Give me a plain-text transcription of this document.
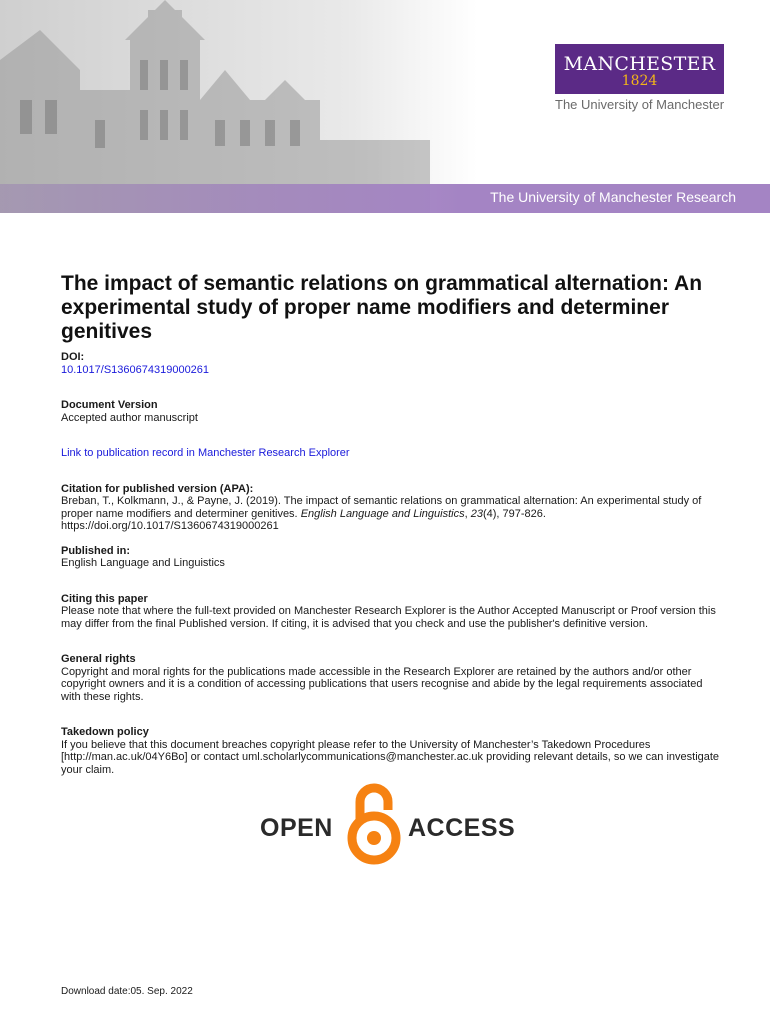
MANCHESTER
1824
The University of Manchester
The University of Manchester Research
The impact of semantic relations on grammatical alternation: An experimental study of proper name modifiers and determiner genitives
DOI:
10.1017/S1360674319000261
Document Version
Accepted author manuscript
Link to publication record in Manchester Research Explorer
Citation for published version (APA):
Breban, T., Kolkmann, J., & Payne, J. (2019). The impact of semantic relations on grammatical alternation: An experimental study of proper name modifiers and determiner genitives. English Language and Linguistics, 23(4), 797-826. https://doi.org/10.1017/S1360674319000261
Published in:
English Language and Linguistics
Citing this paper
Please note that where the full-text provided on Manchester Research Explorer is the Author Accepted Manuscript or Proof version this may differ from the final Published version. If citing, it is advised that you check and use the publisher's definitive version.
General rights
Copyright and moral rights for the publications made accessible in the Research Explorer are retained by the authors and/or other copyright owners and it is a condition of accessing publications that users recognise and abide by the legal requirements associated with these rights.
Takedown policy
If you believe that this document breaches copyright please refer to the University of Manchester’s Takedown Procedures [http://man.ac.uk/04Y6Bo] or contact uml.scholarlycommunications@manchester.ac.uk providing relevant details, so we can investigate your claim.
OPEN	ACCESS
Download date:05. Sep. 2022
